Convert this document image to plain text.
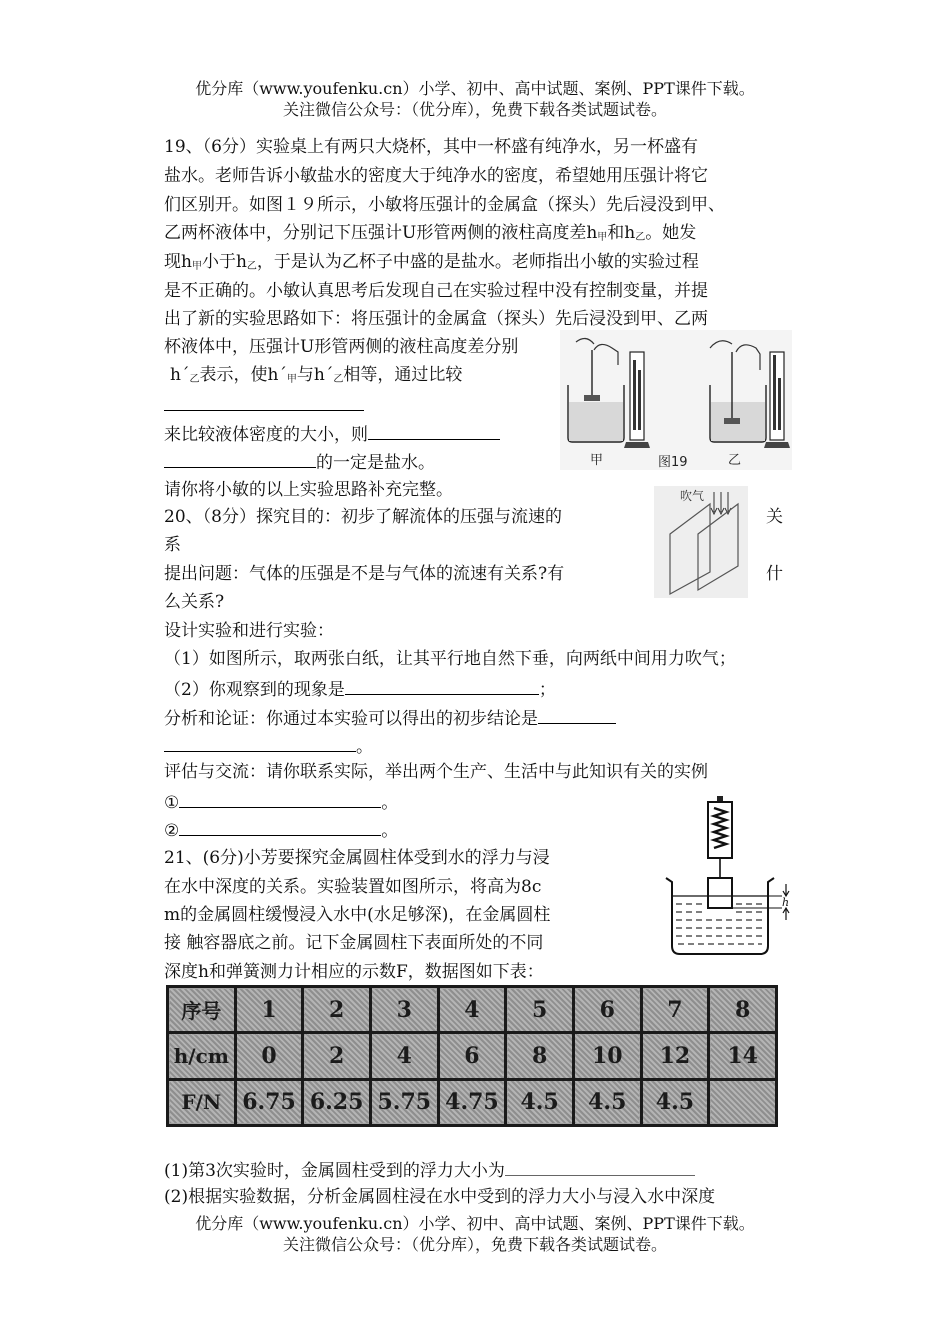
优分库（www.youfenku.cn）小学、初中、高中试题、案例、PPT课件下载。
关注微信公众号：（优分库），免费下载各类试题试卷。
19、（6分）实验桌上有两只大烧杯，其中一杯盛有纯净水，另一杯盛有
盐水。老师告诉小敏盐水的密度大于纯净水的密度，希望她用压强计将它
们区别开。如图１９所示，小敏将压强计的金属盒（探头）先后浸没到甲、
乙两杯液体中，分别记下压强计U形管两侧的液柱高度差$h_甲$和$h_乙$。她发
现$h_甲$小于$h_乙$，于是认为乙杯子中盛的是盐水。老师指出小敏的实验过程
是不正确的。小敏认真思考后发现自己在实验过程中没有控制变量，并提
出了新的实验思路如下：将压强计的金属盒（探头）先后浸没到甲、乙两
杯液体中，压强计U形管两侧的液柱高度差分别
$h´_乙$表示，使$h´_甲$与$h´_乙$相等，通过比较
来比较液体密度的大小，则
的一定是盐水。
请你将小敏的以上实验思路补充完整。
甲	图19	乙
20、（8分）探究目的：初步了解流体的压强与流速的	关
系
提出问题：气体的压强是不是与气体的流速有关系?有	什
么关系?
吹气
设计实验和进行实验：
（1）如图所示，取两张白纸，让其平行地自然下垂，向两纸中间用力吹气；
（2）你观察到的现象是	；
分析和论证：你通过本实验可以得出的初步结论是
。
评估与交流：请你联系实际，举出两个生产、生活中与此知识有关的实例
①	。
②	。
21、(6分)小芳要探究金属圆柱体受到水的浮力与浸
在水中深度的关系。实验装置如图所示，将高为8c
m的金属圆柱缓慢浸入水中(水足够深)，在金属圆柱
接 触容器底之前。记下金属圆柱下表面所处的不同
深度h和弹簧测力计相应的示数F，数据图如下表：
h
序号	1	2	3	4	5	6	7	8
h/cm	0	2	4	6	8	10	12	14
F/N	6.75	6.25	5.75	4.75	4.5	4.5	4.5	
(1)第3次实验时，金属圆柱受到的浮力大小为
(2)根据实验数据，分析金属圆柱浸在水中受到的浮力大小与浸入水中深度
优分库（www.youfenku.cn）小学、初中、高中试题、案例、PPT课件下载。
关注微信公众号：（优分库），免费下载各类试题试卷。
